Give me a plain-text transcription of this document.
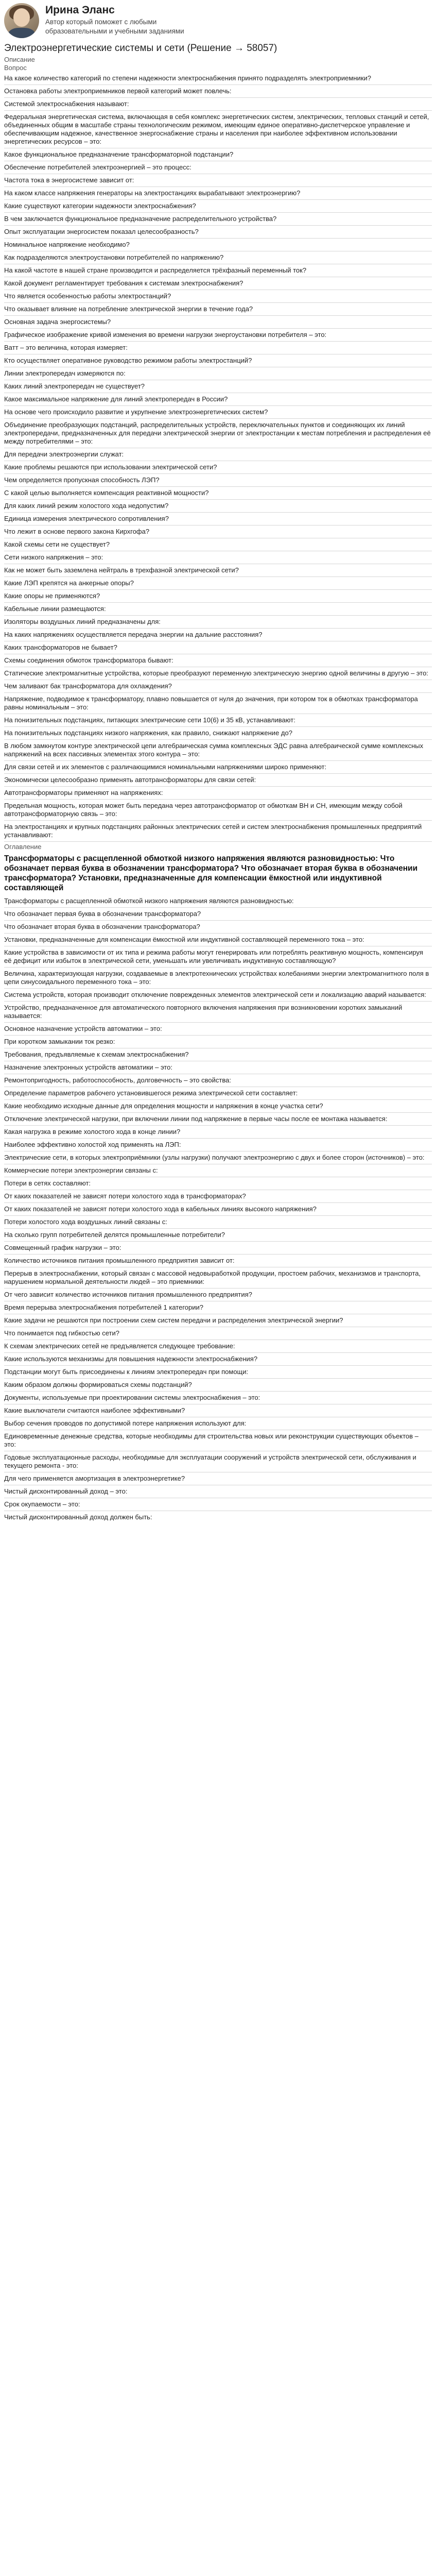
Ирина Эланс
Автор который поможет с любыми образовательными и учебными заданиями
Электроэнергетические системы и сети (Решение → 58057)
Описание
Вопрос
На какое количество категорий по степени надежности электроснабжения принято подразделять электроприемники?
Остановка работы электроприемников первой категорий может повлечь:
Системой электроснабжения называют:
Федеральная энергетическая система, включающая в себя комплекс энергетических систем, электрических, тепловых станций и сетей, объединенных общим в масштабе страны технологическим режимом, имеющим единое оперативно-диспетчерское управление и обеспечивающим надежное, качественное энергоснабжение страны и населения при наиболее эффективном использовании энергетических ресурсов – это:
Какое функциональное предназначение трансформаторной подстанции?
Обеспечение потребителей электроэнергией – это процесс:
Частота тока в энергосистеме зависит от:
На каком классе напряжения генераторы на электростанциях вырабатывают электроэнергию?
Какие существуют категории надежности электроснабжения?
В чем заключается функциональное предназначение распределительного устройства?
Опыт эксплуатации энергосистем показал целесообразность?
Номинальное напряжение необходимо?
Как подразделяются электроустановки потребителей по напряжению?
На какой частоте в нашей стране производится и распределяется трёхфазный переменный ток?
Какой документ регламентирует требования к системам электроснабжения?
Что является особенностью работы электростанций?
Что оказывает влияние на потребление электрической энергии в течение года?
Основная задача энергосистемы?
Графическое изображение кривой изменения во времени нагрузки энергоустановки потребителя – это:
Ватт – это величина, которая измеряет:
Кто осуществляет оперативное руководство режимом работы электростанций?
Линии электропередач измеряются по:
Каких линий электропередач не существует?
Какое максимальное напряжение для линий электропередач в России?
На основе чего происходило развитие и укрупнение электроэнергетических систем?
Объединение преобразующих подстанций, распределительных устройств, переключательных пунктов и соединяющих их линий электропередачи, предназначенных для передачи электрической энергии от электростанции к местам потребления и распределения её между потребителями – это:
Для передачи электроэнергии служат:
Какие проблемы решаются при использовании электрической сети?
Чем определяется пропускная способность ЛЭП?
С какой целью выполняется компенсация реактивной мощности?
Для каких линий режим холостого хода недопустим?
Единица измерения электрического сопротивления?
Что лежит в основе первого закона Кирхгофа?
Какой схемы сети не существует?
Сети низкого напряжения – это:
Как не может быть заземлена нейтраль в трехфазной электрической сети?
Какие ЛЭП крепятся на анкерные опоры?
Какие опоры не применяются?
Кабельные линии размещаются:
Изоляторы воздушных линий предназначены для:
На каких напряжениях осуществляется передача энергии на дальние расстояния?
Каких трансформаторов не бывает?
Схемы соединения обмоток трансформатора бывают:
Статические электромагнитные устройства, которые преобразуют переменную электрическую энергию одной величины в другую – это:
Чем заливают бак трансформатора для охлаждения?
Напряжение, подводимое к трансформатору, плавно повышается от нуля до значения, при котором ток в обмотках трансформатора равны номинальным – это:
На понизительных подстанциях, питающих электрические сети 10(6) и 35 кВ, устанавливают:
На понизительных подстанциях низкого напряжения, как правило, снижают напряжение до?
В любом замкнутом контуре электрической цепи алгебраическая сумма комплексных ЭДС равна алгебраической сумме комплексных напряжений на всех пассивных элементах этого контура – это:
Для связи сетей и их элементов с различающимися номинальными напряжениями широко применяют:
Экономически целесообразно применять автотрансформаторы для связи сетей:
Автотрансформаторы применяют на напряжениях:
Предельная мощность, которая может быть передана через автотрансформатор от обмоткам ВН и СН, имеющим между собой автотрансформаторную связь – это:
На электростанциях и крупных подстанциях районных электрических сетей и систем электроснабжения промышленных предприятий устанавливают:
Оглавление
Трансформаторы с расщепленной обмоткой низкого напряжения являются разновидностью: Что обозначает первая буква в обозначении трансформатора? Что обозначает вторая буква в обозначении трансформатора? Установки, предназначенные для компенсации ёмкостной или индуктивной составляющей
Трансформаторы с расщепленной обмоткой низкого напряжения являются разновидностью:
Что обозначает первая буква в обозначении трансформатора?
Что обозначает вторая буква в обозначении трансформатора?
Установки, предназначенные для компенсации ёмкостной или индуктивной составляющей переменного тока – это:
Какие устройства в зависимости от их типа и режима работы могут генерировать или потреблять реактивную мощность, компенсируя её дефицит или избыток в электрической сети, уменьшать или увеличивать индуктивную составляющую?
Величина, характеризующая нагрузки, создаваемые в электротехнических устройствах колебаниями энергии электромагнитного поля в цепи синусоидального переменного тока – это:
Система устройств, которая производит отключение поврежденных элементов электрической сети и локализацию аварий называется:
Устройство, предназначенное для автоматического повторного включения напряжения при возникновении коротких замыканий называется:
Основное назначение устройств автоматики – это:
При коротком замыкании ток резко:
Требования, предъявляемые к схемам электроснабжения?
Назначение электронных устройств автоматики – это:
Ремонтопригодность, работоспособность, долговечность – это свойства:
Определение параметров рабочего установившегося режима электрической сети составляет:
Какие необходимо исходные данные для определения мощности и напряжения в конце участка сети?
Отключение электрической нагрузки, при включении линии под напряжение в первые часы после ее монтажа называется:
Какая нагрузка в режиме холостого хода в конце линии?
Наиболее эффективно холостой ход применять на ЛЭП:
Электрические сети, в которых электроприёмники (узлы нагрузки) получают электроэнергию с двух и более сторон (источников) – это:
Коммерческие потери электроэнергии связаны с:
Потери в сетях составляют:
От каких показателей не зависят потери холостого хода в трансформаторах?
От каких показателей не зависят потери холостого хода в кабельных линиях высокого напряжения?
Потери холостого хода воздушных линий связаны с:
На сколько групп потребителей делятся промышленные потребители?
Совмещенный график нагрузки – это:
Количество источников питания промышленного предприятия зависит от:
Перерыв в электроснабжении, который связан с массовой недовыработкой продукции, простоем рабочих, механизмов и транспорта, нарушением нормальной деятельности людей – это приемники:
От чего зависит количество источников питания промышленного предприятия?
Время перерыва электроснабжения потребителей 1 категории?
Какие задачи не решаются при построении схем систем передачи и распределения электрической энергии?
Что понимается под гибкостью сети?
К схемам электрических сетей не предъявляется следующее требование:
Какие используются механизмы для повышения надежности электроснабжения?
Подстанции могут быть присоединены к линиям электропередач при помощи:
Каким образом должны формироваться схемы подстанций?
Документы, используемые при проектировании системы электроснабжения – это:
Какие выключатели считаются наиболее эффективными?
Выбор сечения проводов по допустимой потере напряжения используют для:
Единовременные денежные средства, которые необходимы для строительства новых или реконструкции существующих объектов – это:
Годовые эксплуатационные расходы, необходимые для эксплуатации сооружений и устройств электрической сети, обслуживания и текущего ремонта - это:
Для чего применяется амортизация в электроэнергетике?
Чистый дисконтированный доход – это:
Срок окупаемости – это:
Чистый дисконтированный доход должен быть:
